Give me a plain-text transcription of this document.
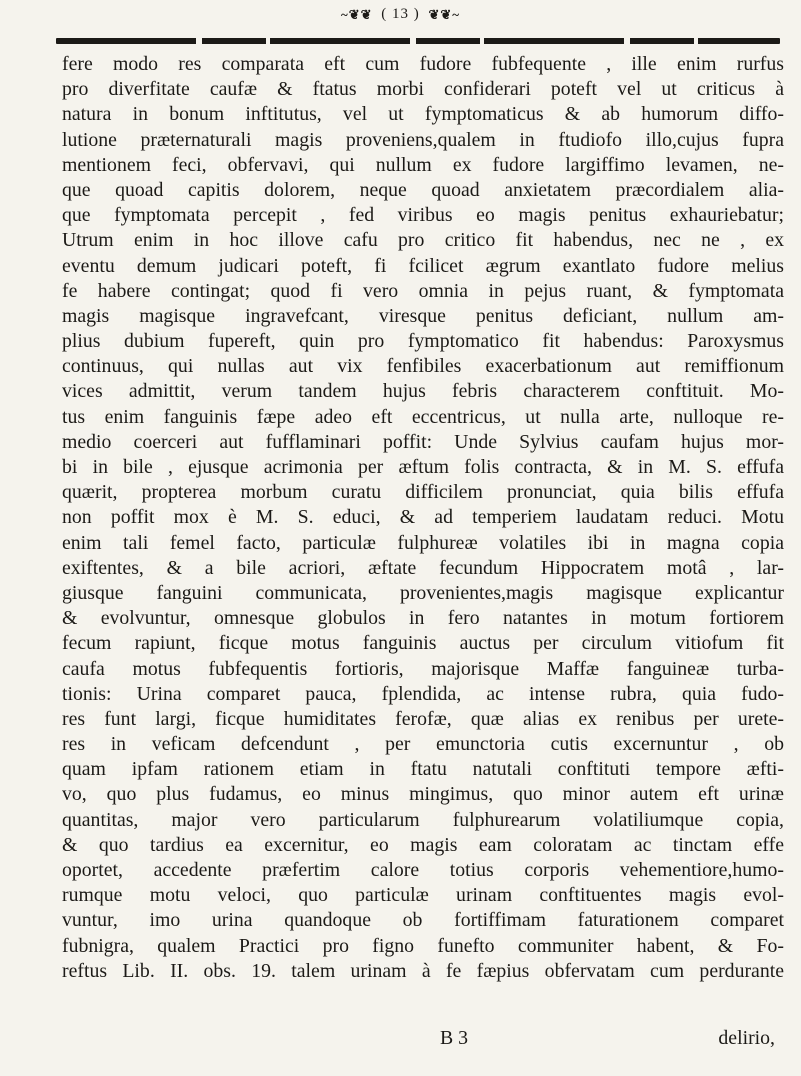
~❦❦ ( 13 ) ❦❦~
fere modo res comparata eft cum fudore fubfequente , ille enim rurfus
pro diverfitate caufæ & ftatus morbi confiderari poteft vel ut criticus à
natura in bonum inftitutus, vel ut fymptomaticus & ab humorum diffo-
lutione præternaturali magis proveniens,qualem in ftudiofo illo,cujus fupra
mentionem feci, obfervavi, qui nullum ex fudore largiffimo levamen, ne-
que quoad capitis dolorem, neque quoad anxietatem præcordialem alia-
que fymptomata percepit , fed viribus eo magis penitus exhauriebatur;
Utrum enim in hoc illove cafu pro critico fit habendus, nec ne , ex
eventu demum judicari poteft, fi fcilicet ægrum exantlato fudore melius
fe habere contingat; quod fi vero omnia in pejus ruant, & fymptomata
magis magisque ingravefcant, viresque penitus deficiant, nullum am-
plius dubium fupereft, quin pro fymptomatico fit habendus: Paroxysmus
continuus, qui nullas aut vix fenfibiles exacerbationum aut remiffionum
vices admittit, verum tandem hujus febris characterem conftituit. Mo-
tus enim fanguinis fæpe adeo eft eccentricus, ut nulla arte, nulloque re-
medio coerceri aut fufflaminari poffit: Unde Sylvius caufam hujus mor-
bi in bile , ejusque acrimonia per æftum folis contracta, & in M. S. effufa
quærit, propterea morbum curatu difficilem pronunciat, quia bilis effufa
non poffit mox è M. S. educi, & ad temperiem laudatam reduci. Motu
enim tali femel facto, particulæ fulphureæ volatiles ibi in magna copia
exiftentes, & a bile acriori, æftate fecundum Hippocratem motâ , lar-
giusque fanguini communicata, provenientes,magis magisque explicantur
& evolvuntur, omnesque globulos in fero natantes in motum fortiorem
fecum rapiunt, ficque motus fanguinis auctus per circulum vitiofum fit
caufa motus fubfequentis fortioris, majorisque Maffæ fanguineæ turba-
tionis: Urina comparet pauca, fplendida, ac intense rubra, quia fudo-
res funt largi, ficque humiditates ferofæ, quæ alias ex renibus per urete-
res in veficam defcendunt , per emunctoria cutis excernuntur , ob
quam ipfam rationem etiam in ftatu natutali conftituti tempore æfti-
vo, quo plus fudamus, eo minus mingimus, quo minor autem eft urinæ
quantitas, major vero particularum fulphurearum volatiliumque copia,
& quo tardius ea excernitur, eo magis eam coloratam ac tinctam effe
oportet, accedente præfertim calore totius corporis vehementiore,humo-
rumque motu veloci, quo particulæ urinam conftituentes magis evol-
vuntur, imo urina quandoque ob fortiffimam faturationem comparet
fubnigra, qualem Practici pro figno funefto communiter habent, & Fo-
reftus Lib. II. obs. 19. talem urinam à fe fæpius obfervatam cum perdurante
B 3	delirio,
